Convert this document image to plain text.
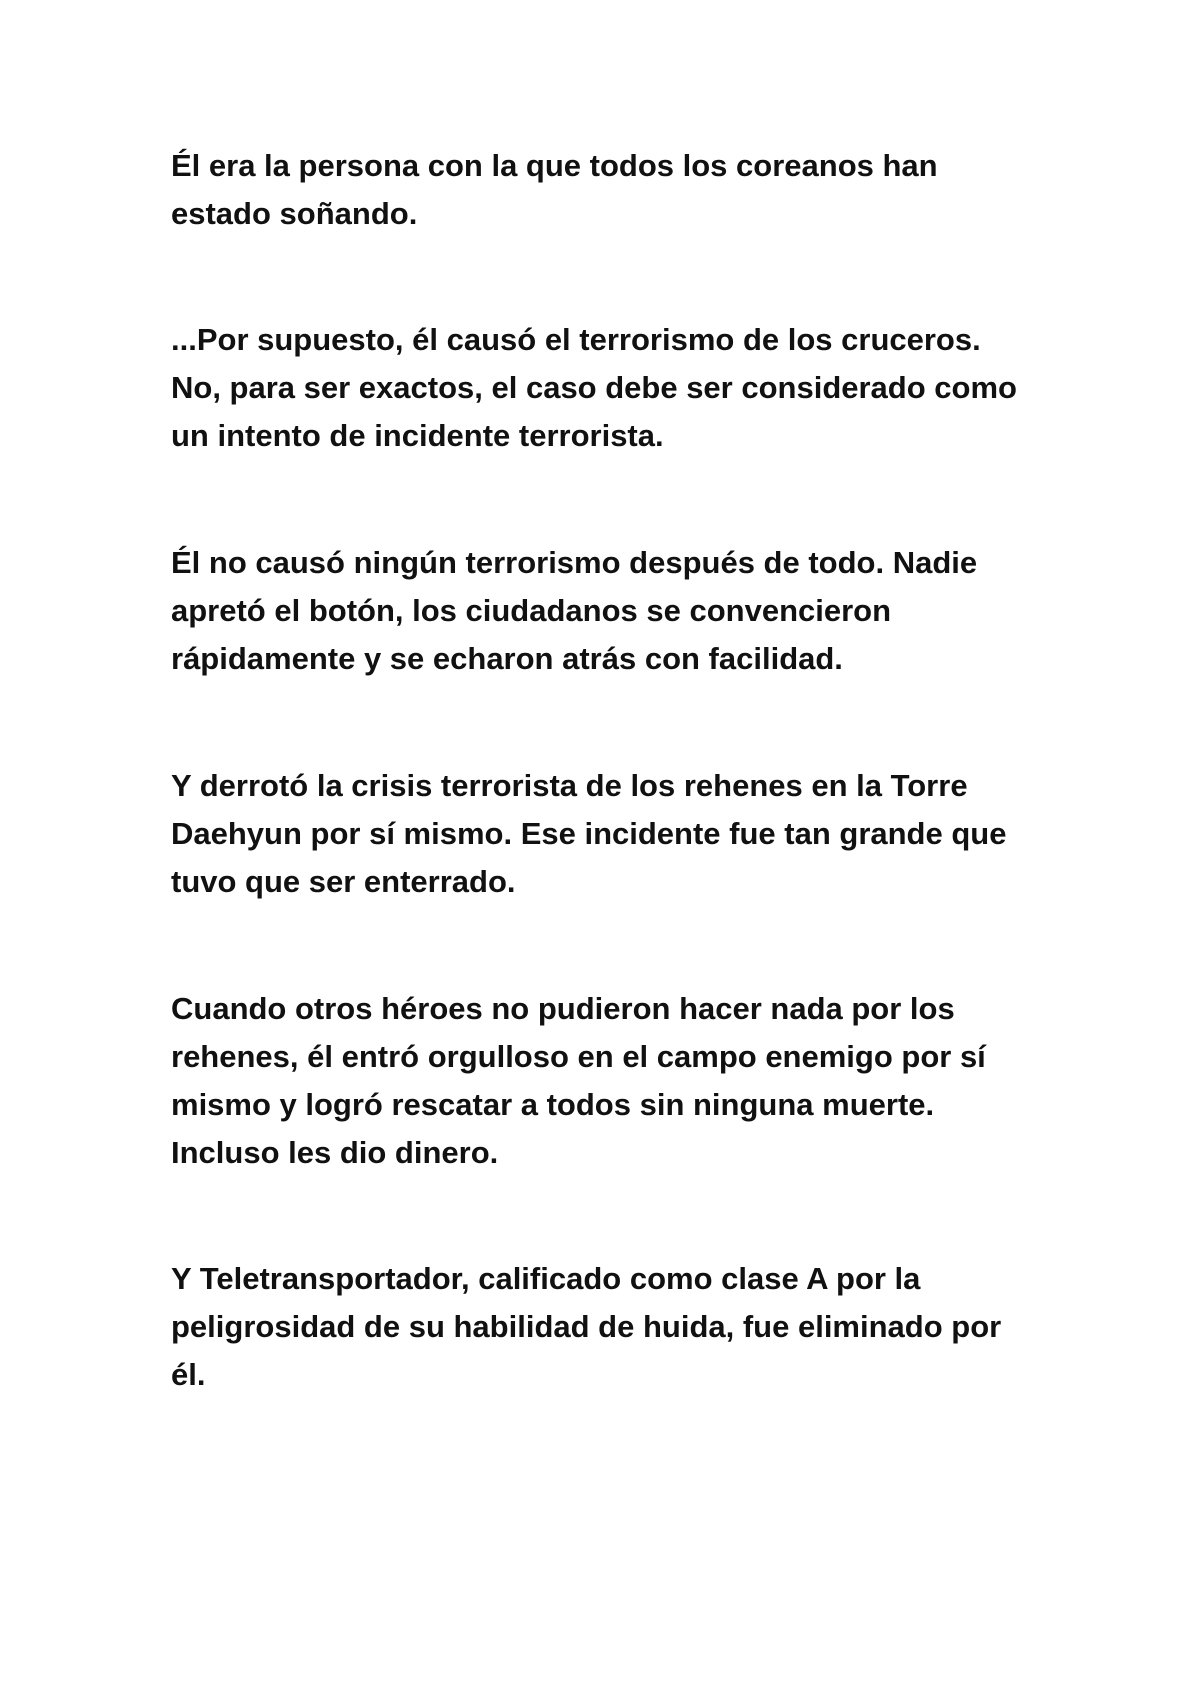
Él era la persona con la que todos los coreanos han
estado soñando.

...Por supuesto, él causó el terrorismo de los cruceros.
No, para ser exactos, el caso debe ser considerado como
un intento de incidente terrorista.

Él no causó ningún terrorismo después de todo. Nadie
apretó el botón, los ciudadanos se convencieron
rápidamente y se echaron atrás con facilidad.

Y derrotó la crisis terrorista de los rehenes en la Torre
Daehyun por sí mismo. Ese incidente fue tan grande que
tuvo que ser enterrado.

Cuando otros héroes no pudieron hacer nada por los
rehenes, él entró orgulloso en el campo enemigo por sí
mismo y logró rescatar a todos sin ninguna muerte.
Incluso les dio dinero.

Y Teletransportador, calificado como clase A por la
peligrosidad de su habilidad de huida, fue eliminado por
él.
